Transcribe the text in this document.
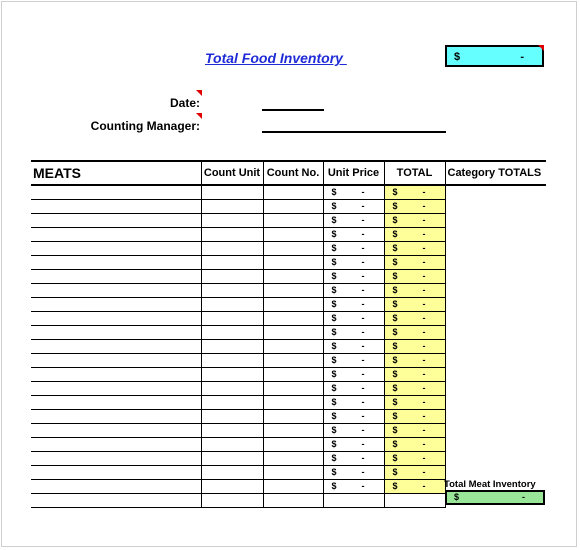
Total Food Inventory	$	-
Date:
Counting Manager:
MEATS	Count Unit	Count No.	Unit Price	TOTAL	Category TOTALS

			$ -	$ -	

			$ -	$ -	

			$ -	$ -	

			$ -	$ -	

			$ -	$ -	

			$ -	$ -	

			$ -	$ -	

			$ -	$ -	

			$ -	$ -	

			$ -	$ -	

			$ -	$ -	

			$ -	$ -	

			$ -	$ -	

			$ -	$ -	

			$ -	$ -	

			$ -	$ -	

			$ -	$ -	

			$ -	$ -	

			$ -	$ -	

			$ -	$ -	

			$ -	$ -	

			$ -	$ -	

					Total Meat Inventory
$	-
